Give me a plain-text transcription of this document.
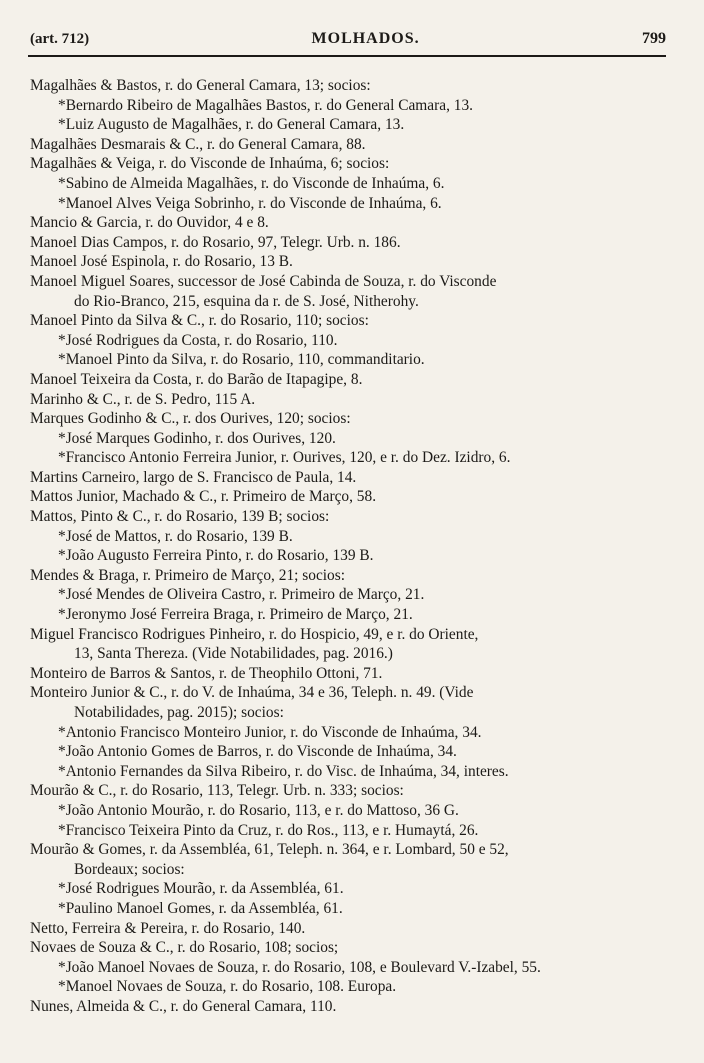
(art. 712)	MOLHADOS.	799
Magalhães & Bastos, r. do General Camara, 13; socios:
*Bernardo Ribeiro de Magalhães Bastos, r. do General Camara, 13.
*Luiz Augusto de Magalhães, r. do General Camara, 13.
Magalhães Desmarais & C., r. do General Camara, 88.
Magalhães & Veiga, r. do Visconde de Inhaúma, 6; socios:
*Sabino de Almeida Magalhães, r. do Visconde de Inhaúma, 6.
*Manoel Alves Veiga Sobrinho, r. do Visconde de Inhaúma, 6.
Mancio & Garcia, r. do Ouvidor, 4 e 8.
Manoel Dias Campos, r. do Rosario, 97, Telegr. Urb. n. 186.
Manoel José Espinola, r. do Rosario, 13 B.
Manoel Miguel Soares, successor de José Cabinda de Souza, r. do Visconde
do Rio-Branco, 215, esquina da r. de S. José, Nitherohy.
Manoel Pinto da Silva & C., r. do Rosario, 110; socios:
*José Rodrigues da Costa, r. do Rosario, 110.
*Manoel Pinto da Silva, r. do Rosario, 110, commanditario.
Manoel Teixeira da Costa, r. do Barão de Itapagipe, 8.
Marinho & C., r. de S. Pedro, 115 A.
Marques Godinho & C., r. dos Ourives, 120; socios:
*José Marques Godinho, r. dos Ourives, 120.
*Francisco Antonio Ferreira Junior, r. Ourives, 120, e r. do Dez. Izidro, 6.
Martins Carneiro, largo de S. Francisco de Paula, 14.
Mattos Junior, Machado & C., r. Primeiro de Março, 58.
Mattos, Pinto & C., r. do Rosario, 139 B; socios:
*José de Mattos, r. do Rosario, 139 B.
*João Augusto Ferreira Pinto, r. do Rosario, 139 B.
Mendes & Braga, r. Primeiro de Março, 21; socios:
*José Mendes de Oliveira Castro, r. Primeiro de Março, 21.
*Jeronymo José Ferreira Braga, r. Primeiro de Março, 21.
Miguel Francisco Rodrigues Pinheiro, r. do Hospicio, 49, e r. do Oriente,
13, Santa Thereza. (Vide Notabilidades, pag. 2016.)
Monteiro de Barros & Santos, r. de Theophilo Ottoni, 71.
Monteiro Junior & C., r. do V. de Inhaúma, 34 e 36, Teleph. n. 49. (Vide
Notabilidades, pag. 2015); socios:
*Antonio Francisco Monteiro Junior, r. do Visconde de Inhaúma, 34.
*João Antonio Gomes de Barros, r. do Visconde de Inhaúma, 34.
*Antonio Fernandes da Silva Ribeiro, r. do Visc. de Inhaúma, 34, interes.
Mourão & C., r. do Rosario, 113, Telegr. Urb. n. 333; socios:
*João Antonio Mourão, r. do Rosario, 113, e r. do Mattoso, 36 G.
*Francisco Teixeira Pinto da Cruz, r. do Ros., 113, e r. Humaytá, 26.
Mourão & Gomes, r. da Assembléa, 61, Teleph. n. 364, e r. Lombard, 50 e 52,
Bordeaux; socios:
*José Rodrigues Mourão, r. da Assembléa, 61.
*Paulino Manoel Gomes, r. da Assembléa, 61.
Netto, Ferreira & Pereira, r. do Rosario, 140.
Novaes de Souza & C., r. do Rosario, 108; socios;
*João Manoel Novaes de Souza, r. do Rosario, 108, e Boulevard V.-Izabel, 55.
*Manoel Novaes de Souza, r. do Rosario, 108. Europa.
Nunes, Almeida & C., r. do General Camara, 110.
